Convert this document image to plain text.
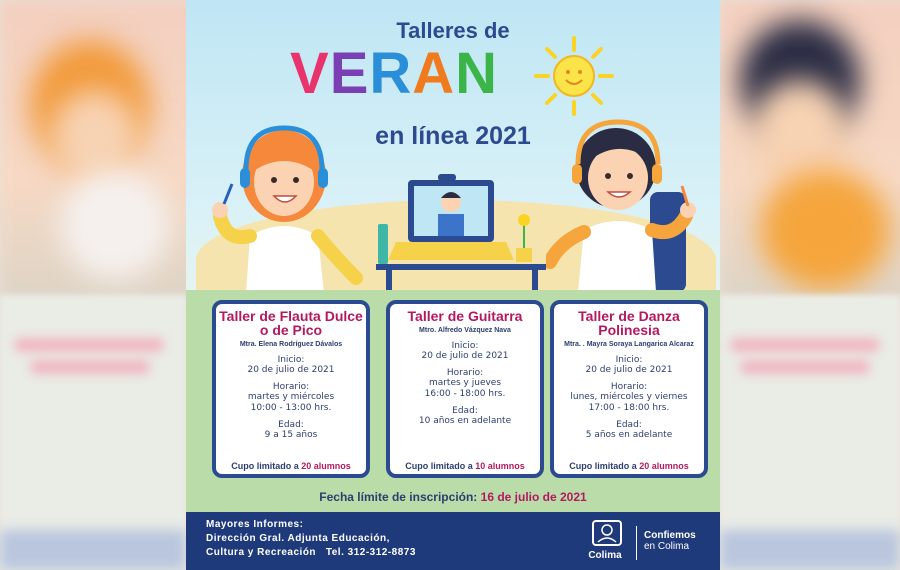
Talleres de
VERAN
en línea 2021
Taller de Flauta Dulce o de Pico
Mtra. Elena Rodríguez Dávalos
Inicio:
20 de julio de 2021
Horario:
martes y miércoles
10:00 - 13:00 hrs.
Edad:
9 a 15 años
Cupo limitado a 20 alumnos
Taller de Guitarra
Mtro. Alfredo Vázquez Nava
Inicio:
20 de julio de 2021
Horario:
martes y jueves
16:00 - 18:00 hrs.
Edad:
10 años en adelante
Cupo limitado a 10 alumnos
Taller de Danza Polinesia
Mtra. . Mayra Soraya Langarica Alcaraz
Inicio:
20 de julio de 2021
Horario:
lunes, miércoles y viernes
17:00 - 18:00 hrs.
Edad:
5 años en adelante
Cupo limitado a 20 alumnos
Fecha límite de inscripción: 16 de julio de 2021
Mayores Informes:
Dirección Gral. Adjunta Educación,
Cultura y Recreación   Tel. 312-312-8873	Colima
Confiemos
en Colima
